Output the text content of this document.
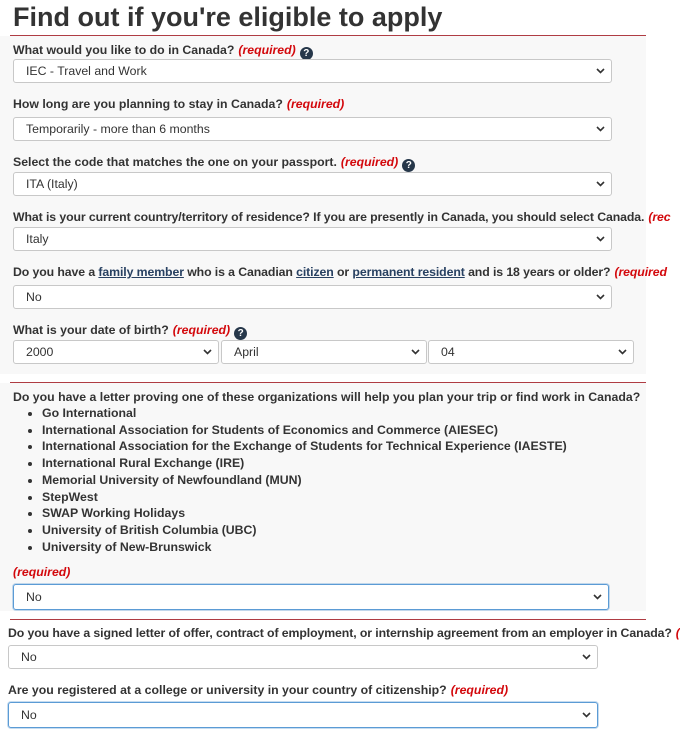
Find out if you're eligible to apply
What would you like to do in Canada? (required) ?
IEC - Travel and Work
How long are you planning to stay in Canada? (required)
Temporarily - more than 6 months
Select the code that matches the one on your passport. (required) ?
ITA (Italy)
What is your current country/territory of residence? If you are presently in Canada, you should select Canada. (rec
Italy
Do you have a family member who is a Canadian citizen or permanent resident and is 18 years or older? (required
No
What is your date of birth? (required) ?
2000	April	04
Do you have a letter proving one of these organizations will help you plan your trip or find work in Canada?
• Go International
• International Association for Students of Economics and Commerce (AIESEC)
• International Association for the Exchange of Students for Technical Experience (IAESTE)
• International Rural Exchange (IRE)
• Memorial University of Newfoundland (MUN)
• StepWest
• SWAP Working Holidays
• University of British Columbia (UBC)
• University of New-Brunswick
(required)
No
Do you have a signed letter of offer, contract of employment, or internship agreement from an employer in Canada? (
No
Are you registered at a college or university in your country of citizenship? (required)
No
